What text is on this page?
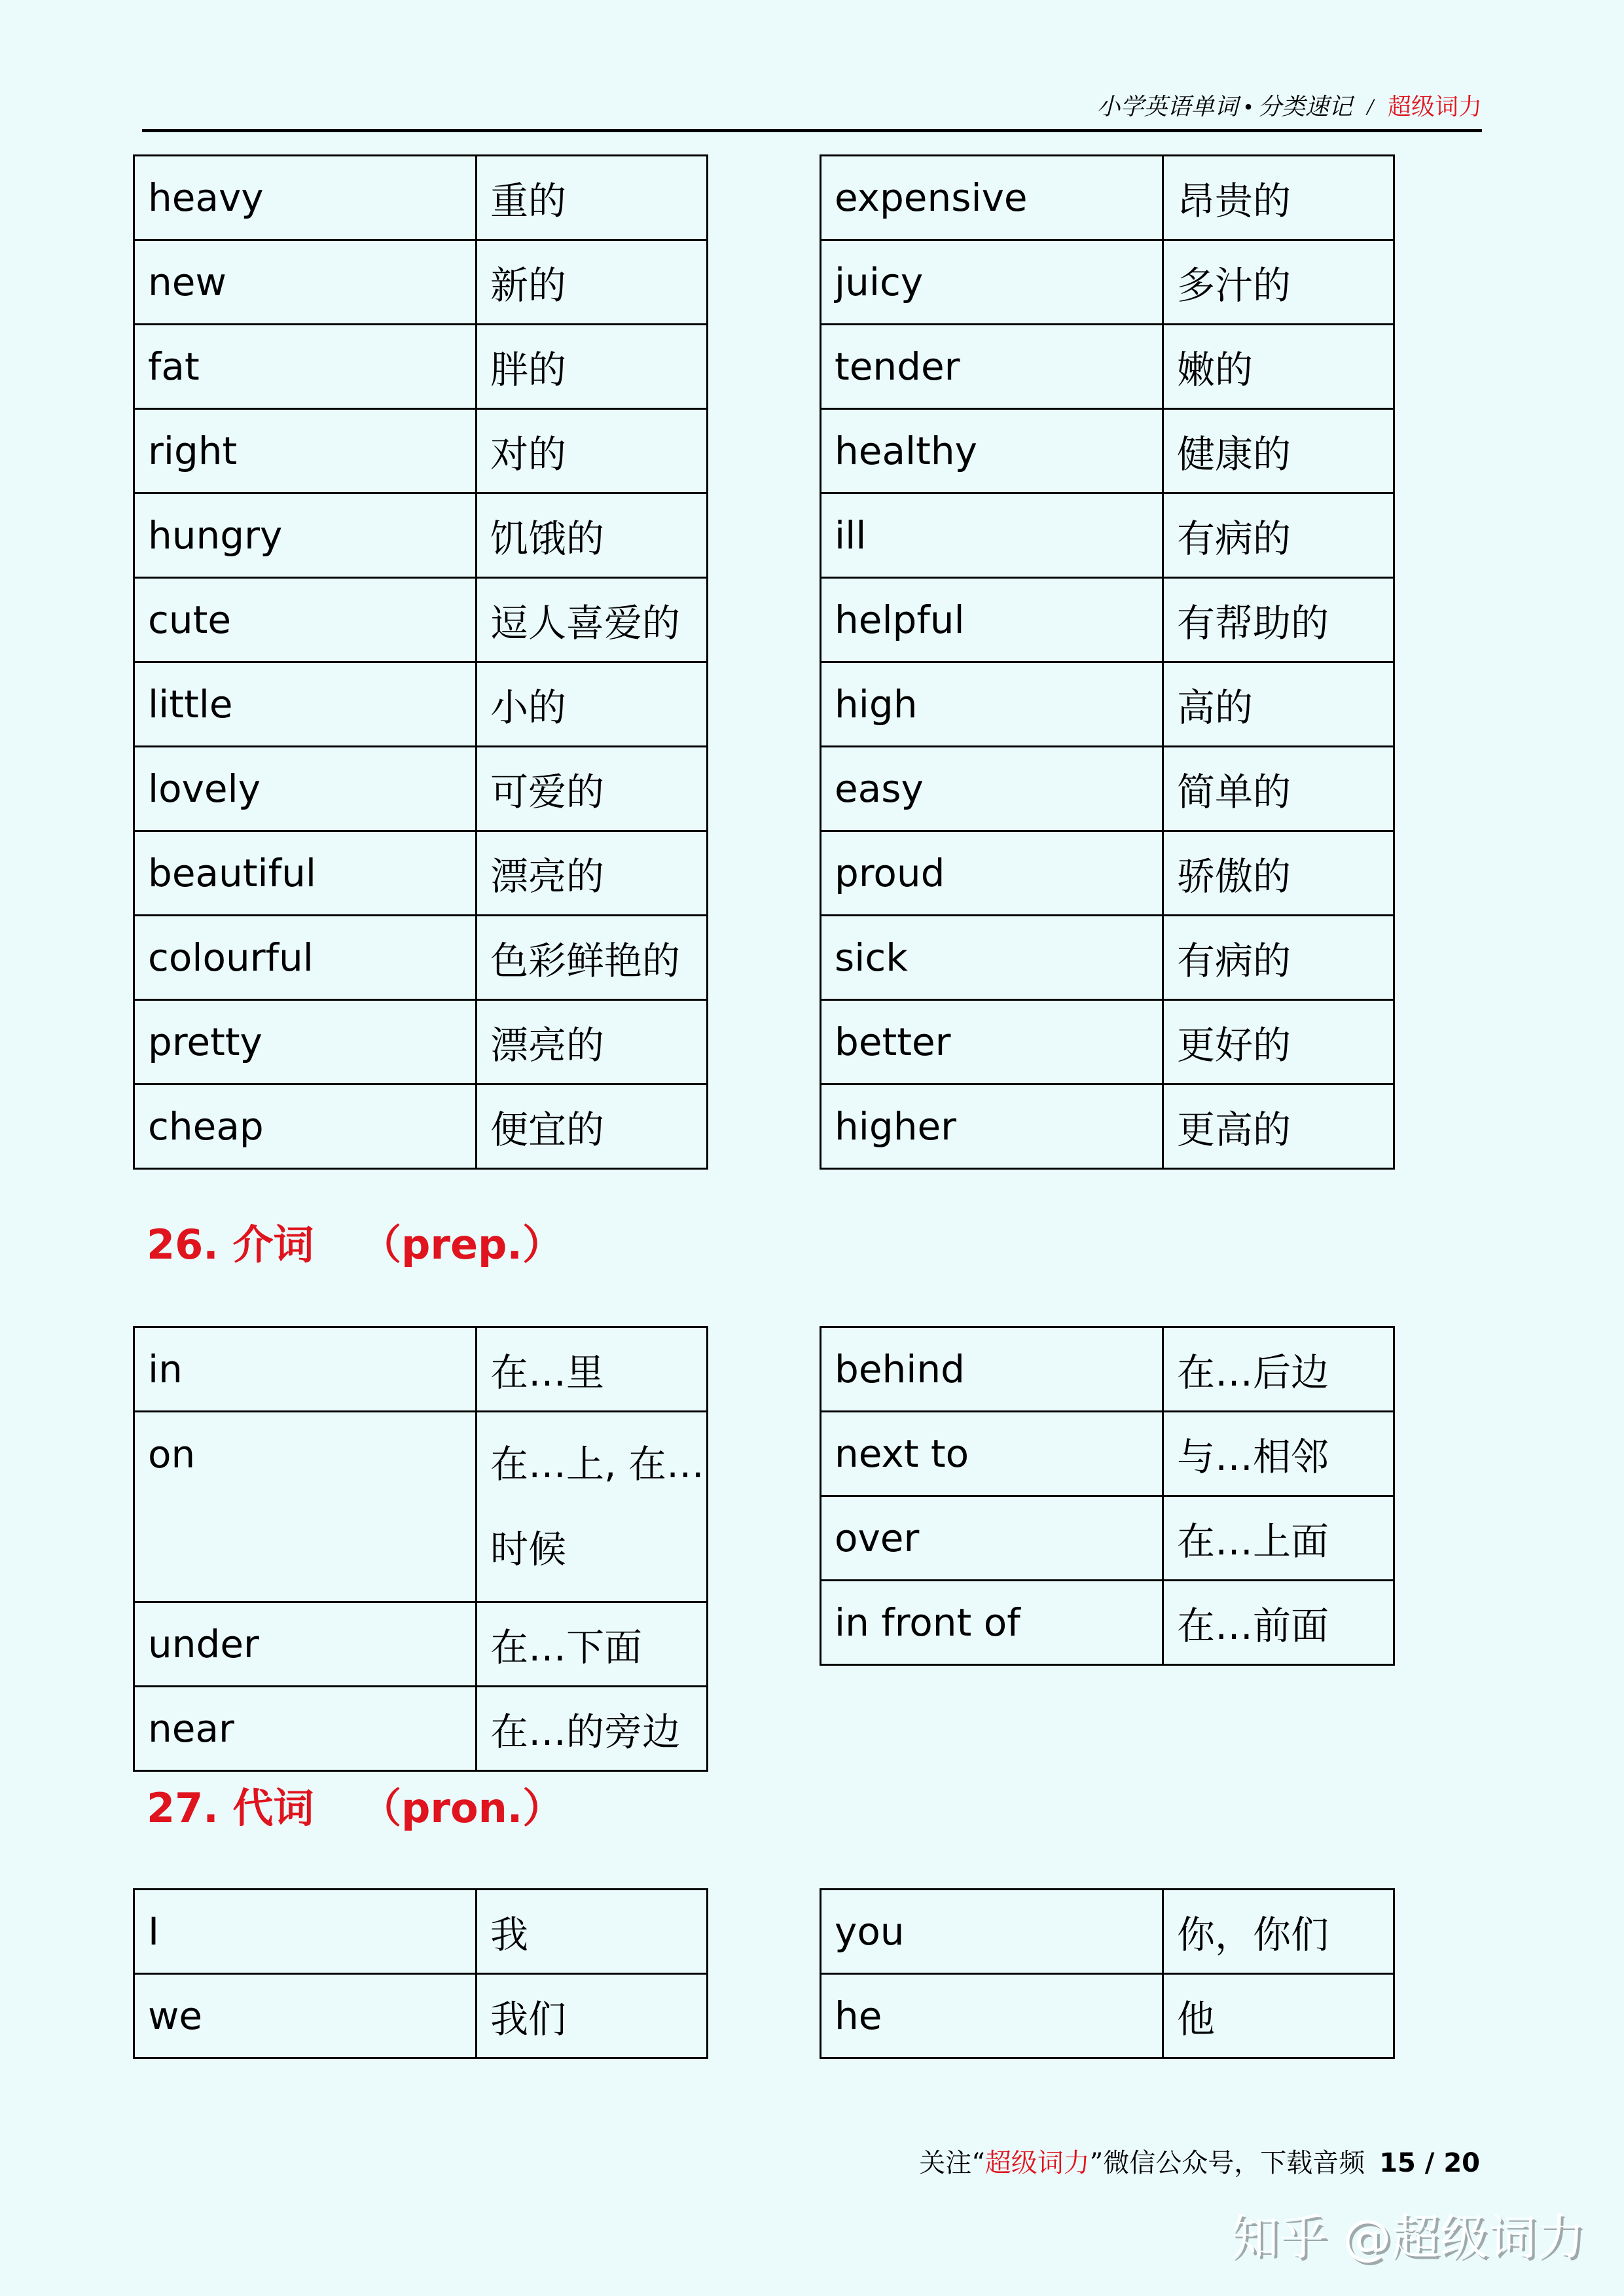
小学英语单词 • 分类速记 / 超级词力
heavy	重的
new	新的
fat	胖的
right	对的
hungry	饥饿的
cute	逗人喜爱的
little	小的
lovely	可爱的
beautiful	漂亮的
colourful	色彩鲜艳的
pretty	漂亮的
cheap	便宜的
expensive	昂贵的
juicy	多汁的
tender	嫩的
healthy	健康的
ill	有病的
helpful	有帮助的
high	高的
easy	简单的
proud	骄傲的
sick	有病的
better	更好的
higher	更高的
26. 介词 （prep.）
in	在…里
on	在…上, 在…时候
under	在…下面
near	在…的旁边
behind	在…后边
next to	与…相邻
over	在…上面
in front of	在…前面
27. 代词 （pron.）
I	我
we	我们
you	你，你们
he	他
关注“超级词力”微信公众号，下载音频 15 / 20
知乎 @超级词力
